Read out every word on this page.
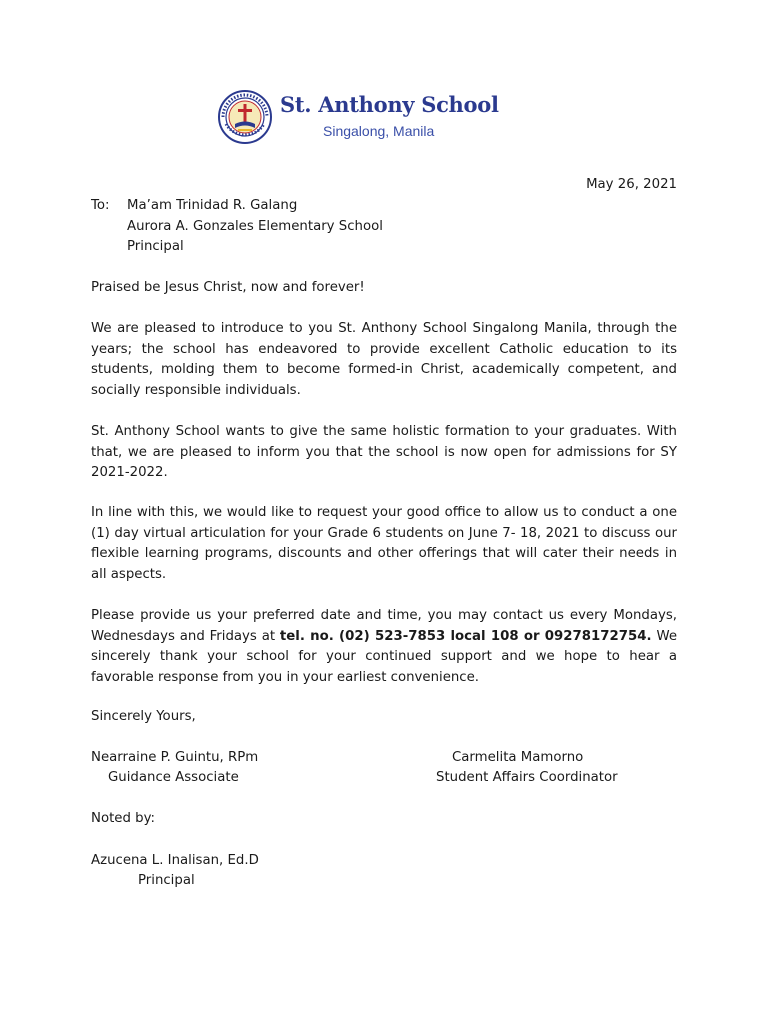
St. Anthony School
Singalong, Manila
May 26, 2021
To:	Ma’am Trinidad R. Galang
Aurora A. Gonzales Elementary School
Principal

Praised be Jesus Christ, now and forever!

We are pleased to introduce to you St. Anthony School Singalong Manila, through the years; the school has endeavored to provide excellent Catholic education to its students, molding them to become formed-in Christ, academically competent, and socially responsible individuals.

St. Anthony School wants to give the same holistic formation to your graduates. With that, we are pleased to inform you that the school is now open for admissions for SY 2021-2022.

In line with this, we would like to request your good office to allow us to conduct a one (1) day virtual articulation for your Grade 6 students on June 7- 18, 2021 to discuss our flexible learning programs, discounts and other offerings that will cater their needs in all aspects.

Please provide us your preferred date and time, you may contact us every Mondays, Wednesdays and Fridays at tel. no. (02) 523-7853 local 108 or 09278172754. We sincerely thank your school for your continued support and we hope to hear a favorable response from you in your earliest convenience.

Sincerely Yours,

Nearraine P. Guintu, RPm
Guidance Associate
Carmelita Mamorno
Student Affairs Coordinator
Noted by:
Azucena L. Inalisan, Ed.D
Principal
